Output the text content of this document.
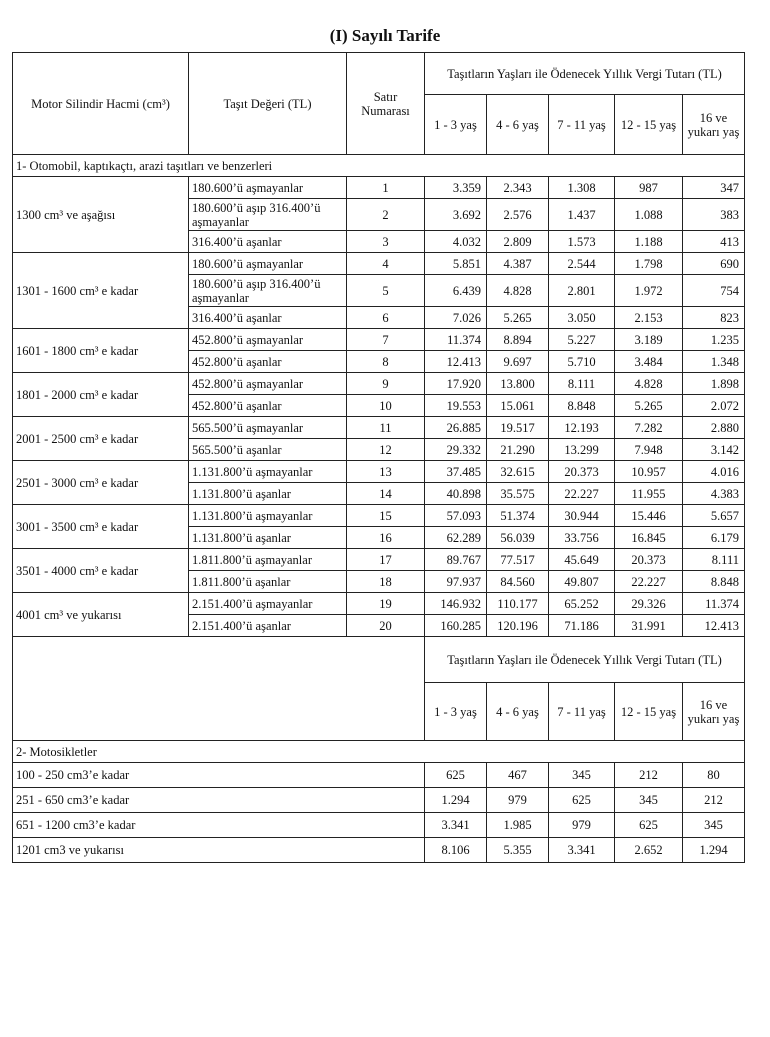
(I) Sayılı Tarife
Motor Silindir Hacmi (cm³)	Taşıt Değeri (TL)	Satır Numarası	Taşıtların Yaşları ile Ödenecek Yıllık Vergi Tutarı (TL)				
			1 - 3 yaş	4 - 6 yaş	7 - 11 yaş	12 - 15 yaş	16 ve yukarı yaş
1- Otomobil, kaptıkaçtı, arazi taşıtları ve benzerleri							
1300 cm³ ve aşağısı	180.600’ü aşmayanlar	1	3.359	2.343	1.308	987	347
	180.600’ü aşıp 316.400’ü aşmayanlar	2	3.692	2.576	1.437	1.088	383
	316.400’ü aşanlar	3	4.032	2.809	1.573	1.188	413
1301 - 1600 cm³ e kadar	180.600’ü aşmayanlar	4	5.851	4.387	2.544	1.798	690
	180.600’ü aşıp 316.400’ü aşmayanlar	5	6.439	4.828	2.801	1.972	754
	316.400’ü aşanlar	6	7.026	5.265	3.050	2.153	823
1601 - 1800 cm³ e kadar	452.800’ü aşmayanlar	7	11.374	8.894	5.227	3.189	1.235
	452.800’ü aşanlar	8	12.413	9.697	5.710	3.484	1.348
1801 - 2000 cm³ e kadar	452.800’ü aşmayanlar	9	17.920	13.800	8.111	4.828	1.898
	452.800’ü aşanlar	10	19.553	15.061	8.848	5.265	2.072
2001 - 2500 cm³ e kadar	565.500’ü aşmayanlar	11	26.885	19.517	12.193	7.282	2.880
	565.500’ü aşanlar	12	29.332	21.290	13.299	7.948	3.142
2501 - 3000 cm³ e kadar	1.131.800’ü aşmayanlar	13	37.485	32.615	20.373	10.957	4.016
	1.131.800’ü aşanlar	14	40.898	35.575	22.227	11.955	4.383
3001 - 3500 cm³ e kadar	1.131.800’ü aşmayanlar	15	57.093	51.374	30.944	15.446	5.657
	1.131.800’ü aşanlar	16	62.289	56.039	33.756	16.845	6.179
3501 - 4000 cm³ e kadar	1.811.800’ü aşmayanlar	17	89.767	77.517	45.649	20.373	8.111
	1.811.800’ü aşanlar	18	97.937	84.560	49.807	22.227	8.848
4001 cm³ ve yukarısı	2.151.400’ü aşmayanlar	19	146.932	110.177	65.252	29.326	11.374
	2.151.400’ü aşanlar	20	160.285	120.196	71.186	31.991	12.413
			Taşıtların Yaşları ile Ödenecek Yıllık Vergi Tutarı (TL)				
			1 - 3 yaş	4 - 6 yaş	7 - 11 yaş	12 - 15 yaş	16 ve yukarı yaş
2- Motosikletler							
100 - 250 cm3’e kadar			625	467	345	212	80
251 - 650 cm3’e kadar			1.294	979	625	345	212
651 - 1200 cm3’e kadar			3.341	1.985	979	625	345
1201 cm3 ve yukarısı			8.106	5.355	3.341	2.652	1.294
